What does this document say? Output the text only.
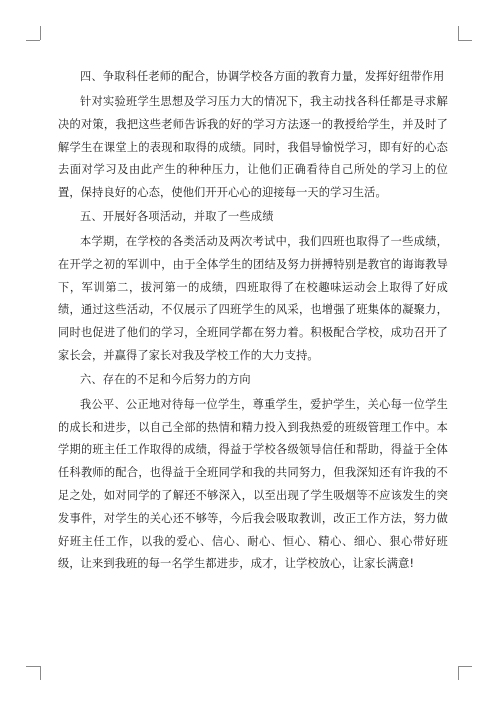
四、争取科任老师的配合，协调学校各方面的教育力量，发挥好纽带作用

针对实验班学生思想及学习压力大的情况下，我主动找各科任都是寻求解决的对策，我把这些老师告诉我的好的学习方法逐一的教授给学生，并及时了解学生在课堂上的表现和取得的成绩。同时，我倡导愉悦学习，即有好的心态去面对学习及由此产生的种种压力，让他们正确看待自己所处的学习上的位置，保持良好的心态，使他们开开心心的迎接每一天的学习生活。

五、开展好各项活动，并取了一些成绩

本学期，在学校的各类活动及两次考试中，我们四班也取得了一些成绩，在开学之初的军训中，由于全体学生的团结及努力拼搏特别是教官的诲诲教导下，军训第二，拔河第一的成绩，四班取得了在校趣味运动会上取得了好成绩，通过这些活动，不仅展示了四班学生的风采，也增强了班集体的凝聚力，同时也促进了他们的学习，全班同学都在努力着。积极配合学校，成功召开了家长会，并赢得了家长对我及学校工作的大力支持。

六、存在的不足和今后努力的方向

我公平、公正地对待每一位学生，尊重学生，爱护学生，关心每一位学生的成长和进步，以自己全部的热情和精力投入到我热爱的班级管理工作中。本学期的班主任工作取得的成绩，得益于学校各级领导信任和帮助，得益于全体任科教师的配合，也得益于全班同学和我的共同努力，但我深知还有许我的不足之处，如对同学的了解还不够深入，以至出现了学生吸烟等不应该发生的突发事件，对学生的关心还不够等，今后我会吸取教训，改正工作方法，努力做好班主任工作，以我的爱心、信心、耐心、恒心、精心、细心、狠心带好班级，让来到我班的每一名学生都进步，成才，让学校放心，让家长满意!
